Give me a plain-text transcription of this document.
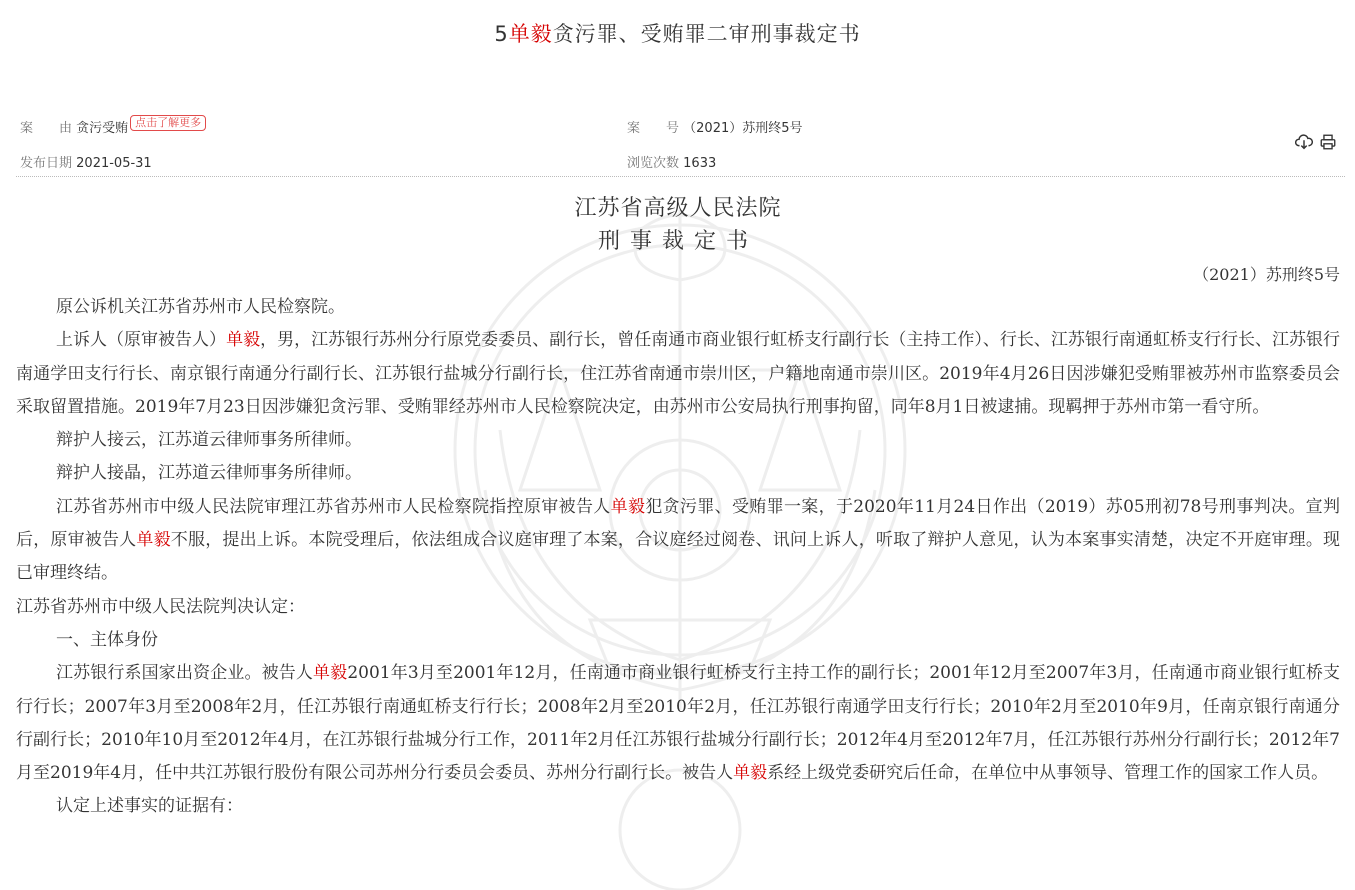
5单毅贪污罪、受贿罪二审刑事裁定书
案　　由 贪污受贿 点击了解更多	案　　号 （2021）苏刑终5号
发布日期 2021-05-31	浏览次数 1633
江苏省高级人民法院
刑事裁定书
（2021）苏刑终5号

原公诉机关江苏省苏州市人民检察院。

上诉人（原审被告人）单毅，男，江苏银行苏州分行原党委委员、副行长，曾任南通市商业银行虹桥支行副行长（主持工作）、行长、江苏银行南通虹桥支行行长、江苏银行南通学田支行行长、南京银行南通分行副行长、江苏银行盐城分行副行长，住江苏省南通市崇川区，户籍地南通市崇川区。2019年4月26日因涉嫌犯受贿罪被苏州市监察委员会采取留置措施。2019年7月23日因涉嫌犯贪污罪、受贿罪经苏州市人民检察院决定，由苏州市公安局执行刑事拘留，同年8月1日被逮捕。现羁押于苏州市第一看守所。

辩护人接云，江苏道云律师事务所律师。

辩护人接晶，江苏道云律师事务所律师。

江苏省苏州市中级人民法院审理江苏省苏州市人民检察院指控原审被告人单毅犯贪污罪、受贿罪一案，于2020年11月24日作出（2019）苏05刑初78号刑事判决。宣判后，原审被告人单毅不服，提出上诉。本院受理后，依法组成合议庭审理了本案，合议庭经过阅卷、讯问上诉人，听取了辩护人意见，认为本案事实清楚，决定不开庭审理。现已审理终结。

江苏省苏州市中级人民法院判决认定：

一、主体身份

江苏银行系国家出资企业。被告人单毅2001年3月至2001年12月，任南通市商业银行虹桥支行主持工作的副行长；2001年12月至2007年3月，任南通市商业银行虹桥支行行长；2007年3月至2008年2月，任江苏银行南通虹桥支行行长；2008年2月至2010年2月，任江苏银行南通学田支行行长；2010年2月至2010年9月，任南京银行南通分行副行长；2010年10月至2012年4月，在江苏银行盐城分行工作，2011年2月任江苏银行盐城分行副行长；2012年4月至2012年7月，任江苏银行苏州分行副行长；2012年7月至2019年4月，任中共江苏银行股份有限公司苏州分行委员会委员、苏州分行副行长。被告人单毅系经上级党委研究后任命，在单位中从事领导、管理工作的国家工作人员。

认定上述事实的证据有：
